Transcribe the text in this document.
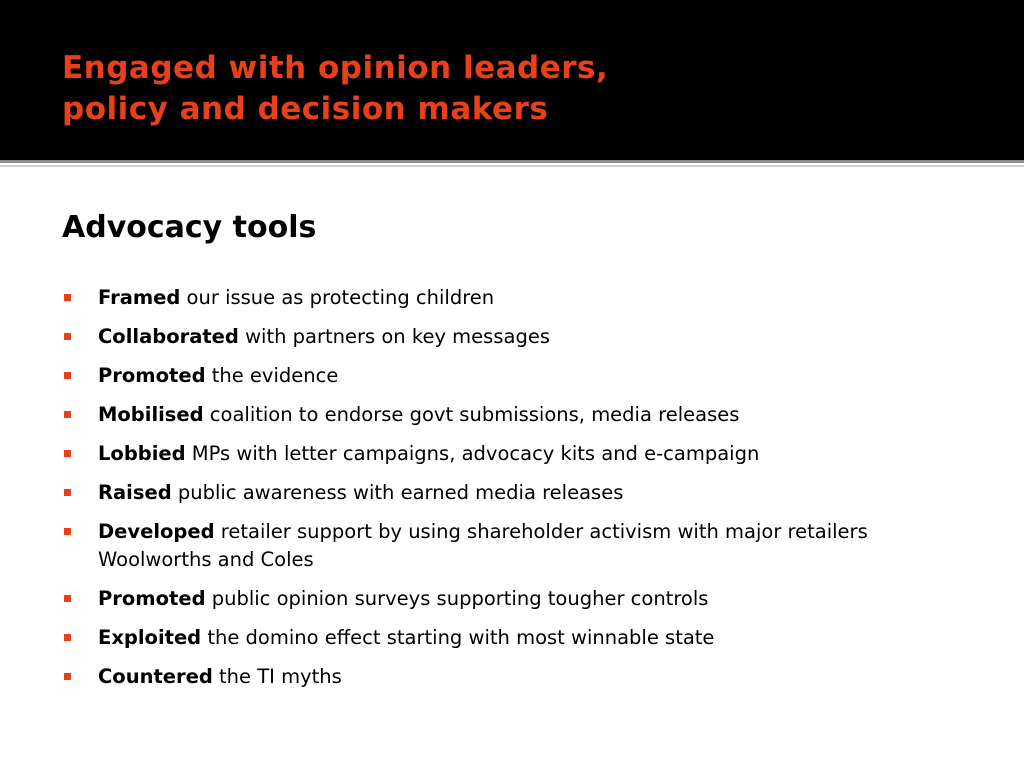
Engaged with opinion leaders,
policy and decision makers
Advocacy tools
Framed our issue as protecting children
Collaborated with partners on key messages
Promoted the evidence
Mobilised coalition to endorse govt submissions, media releases
Lobbied MPs with letter campaigns, advocacy kits and e-campaign
Raised public awareness with earned media releases
Developed retailer support by using shareholder activism with major retailers Woolworths and Coles
Promoted public opinion surveys supporting tougher controls
Exploited the domino effect starting with most winnable state
Countered the TI myths
